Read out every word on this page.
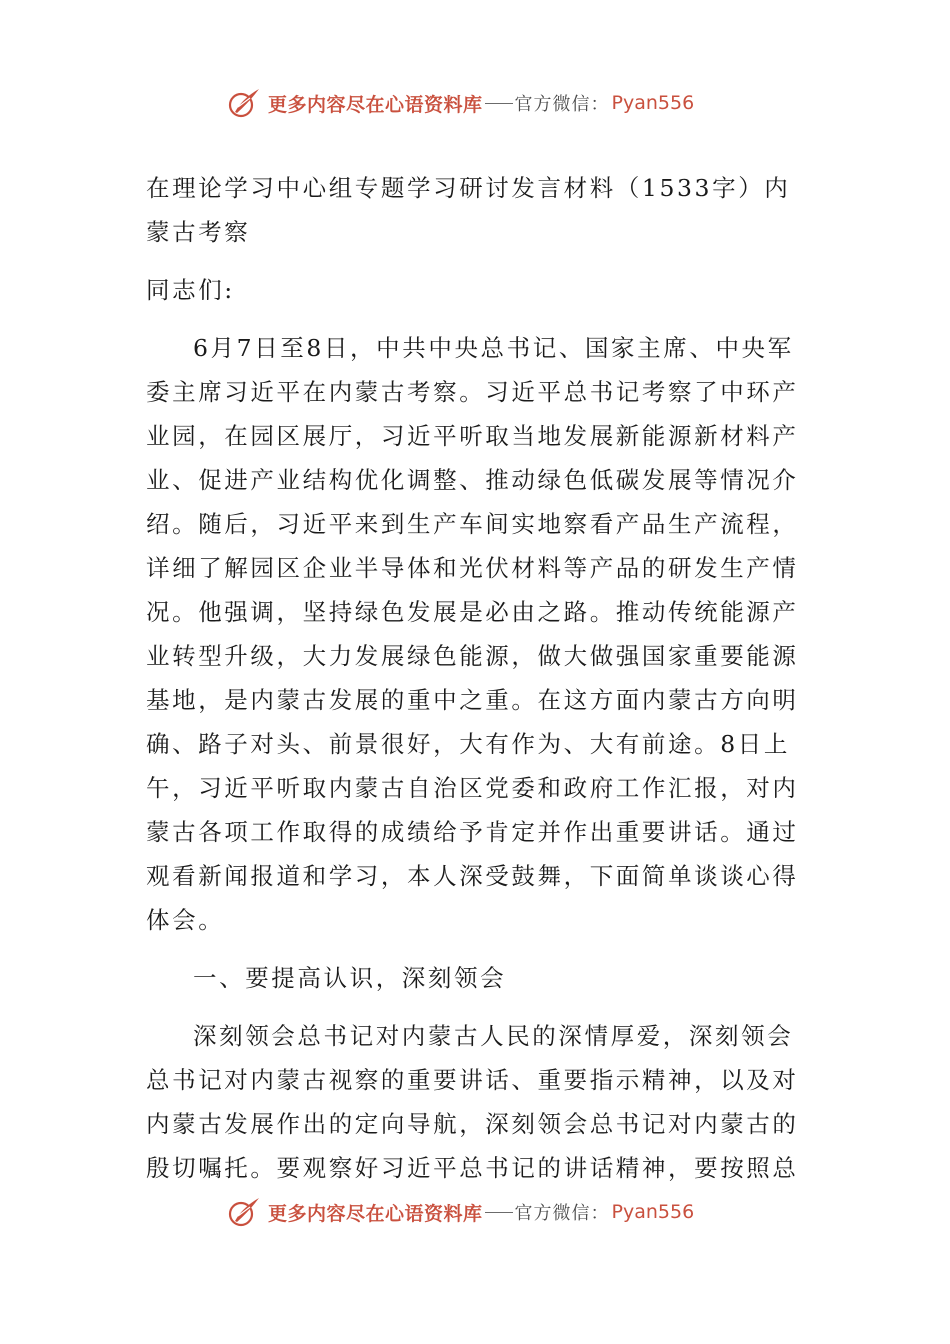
更多内容尽在心语资料库 官方微信： Pyan556

在理论学习中心组专题学习研讨发言材料（1533字）内蒙古考察

同志们:

6月7日至8日，中共中央总书记、国家主席、中央军委主席习近平在内蒙古考察。习近平总书记考察了中环产业园，在园区展厅，习近平听取当地发展新能源新材料产业、促进产业结构优化调整、推动绿色低碳发展等情况介绍。随后，习近平来到生产车间实地察看产品生产流程，详细了解园区企业半导体和光伏材料等产品的研发生产情况。他强调，坚持绿色发展是必由之路。推动传统能源产业转型升级，大力发展绿色能源，做大做强国家重要能源基地，是内蒙古发展的重中之重。在这方面内蒙古方向明确、路子对头、前景很好，大有作为、大有前途。8日上午，习近平听取内蒙古自治区党委和政府工作汇报，对内蒙古各项工作取得的成绩给予肯定并作出重要讲话。通过观看新闻报道和学习，本人深受鼓舞，下面简单谈谈心得体会。

一、要提高认识，深刻领会

深刻领会总书记对内蒙古人民的深情厚爱，深刻领会总书记对内蒙古视察的重要讲话、重要指示精神，以及对内蒙古发展作出的定向导航，深刻领会总书记对内蒙古的殷切嘱托。要观察好习近平总书记的讲话精神，要按照总

更多内容尽在心语资料库 官方微信： Pyan556
